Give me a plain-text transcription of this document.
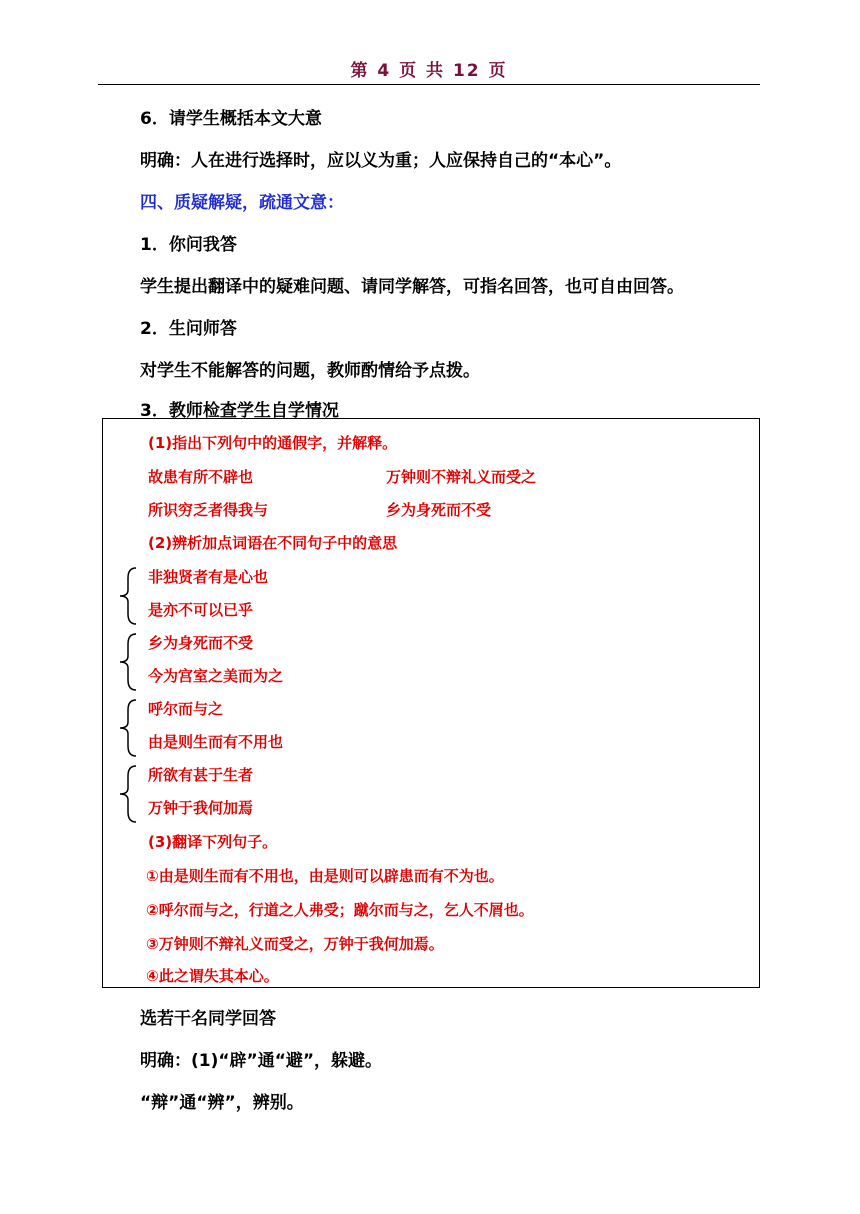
第 4 页 共 12 页
6．请学生概括本文大意
明确：人在进行选择时，应以义为重；人应保持自己的“本心”。
四、质疑解疑，疏通文意：
1．你问我答
学生提出翻译中的疑难问题、请同学解答，可指名回答，也可自由回答。
2．生问师答
对学生不能解答的问题，教师酌情给予点拨。
3．教师检查学生自学情况
(1)指出下列句中的通假字，并解释。
故患有所不辟也	万钟则不辩礼义而受之
所识穷乏者得我与	乡为身死而不受
(2)辨析加点词语在不同句子中的意思
非独贤者有是心也
是亦不可以已乎
乡为身死而不受
今为宫室之美而为之
呼尔而与之
由是则生而有不用也
所欲有甚于生者
万钟于我何加焉
(3)翻译下列句子。
①由是则生而有不用也，由是则可以辟患而有不为也。
②呼尔而与之，行道之人弗受；蹴尔而与之，乞人不屑也。
③万钟则不辩礼义而受之，万钟于我何加焉。
④此之谓失其本心。
选若干名同学回答
明确：(1)“辟”通“避”，躲避。
“辩”通“辨”，辨别。
